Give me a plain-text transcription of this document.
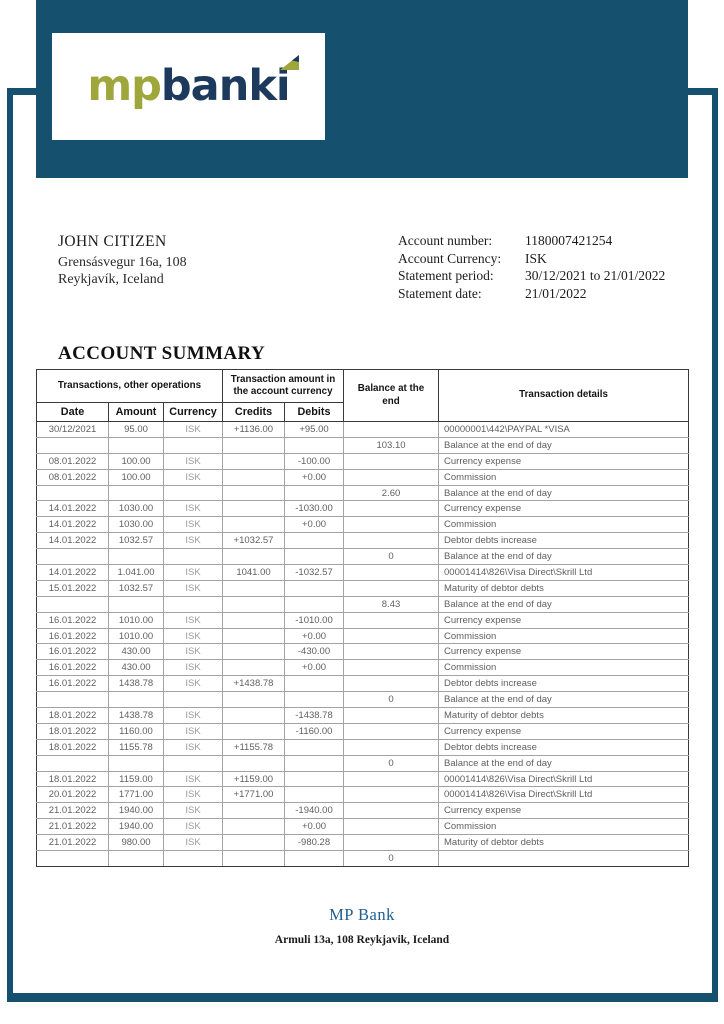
mpbanki
JOHN CITIZEN
Grensásvegur 16a, 108
Reykjavík, Iceland
Account number:	1180007421254
Account Currency:	ISK
Statement period:	30/12/2021 to 21/01/2022
Statement date:	21/01/2022
ACCOUNT SUMMARY
Transactions, other operations			Transaction amount in the account currency		Balance at the end	Transaction details
Date	Amount	Currency	Credits	Debits		
30/12/2021	95.00	ISK	+1136.00	+95.00		00000001\442\PAYPAL *VISA
					103.10	Balance at the end of day
08.01.2022	100.00	ISK		-100.00		Currency expense
08.01.2022	100.00	ISK		+0.00		Commission
					2.60	Balance at the end of day
14.01.2022	1030.00	ISK		-1030.00		Currency expense
14.01.2022	1030.00	ISK		+0.00		Commission
14.01.2022	1032.57	ISK	+1032.57			Debtor debts increase
					0	Balance at the end of day
14.01.2022	1.041.00	ISK	1041.00	-1032.57		00001414\826\Visa Direct\Skrill Ltd
15.01.2022	1032.57	ISK				Maturity of debtor debts
					8.43	Balance at the end of day
16.01.2022	1010.00	ISK		-1010.00		Currency expense
16.01.2022	1010.00	ISK		+0.00		Commission
16.01.2022	430.00	ISK		-430.00		Currency expense
16.01.2022	430.00	ISK		+0.00		Commission
16.01.2022	1438.78	ISK	+1438.78			Debtor debts increase
					0	Balance at the end of day
18.01.2022	1438.78	ISK		-1438.78		Maturity of debtor debts
18.01.2022	1160.00	ISK		-1160.00		Currency expense
18.01.2022	1155.78	ISK	+1155.78			Debtor debts increase
					0	Balance at the end of day
18.01.2022	1159.00	ISK	+1159.00			00001414\826\Visa Direct\Skrill Ltd
20.01.2022	1771.00	ISK	+1771.00			00001414\826\Visa Direct\Skrill Ltd
21.01.2022	1940.00	ISK		-1940.00		Currency expense
21.01.2022	1940.00	ISK		+0.00		Commission
21.01.2022	980.00	ISK		-980.28		Maturity of debtor debts
					0	
MP Bank
Armuli 13a, 108 Reykjavik, Iceland
